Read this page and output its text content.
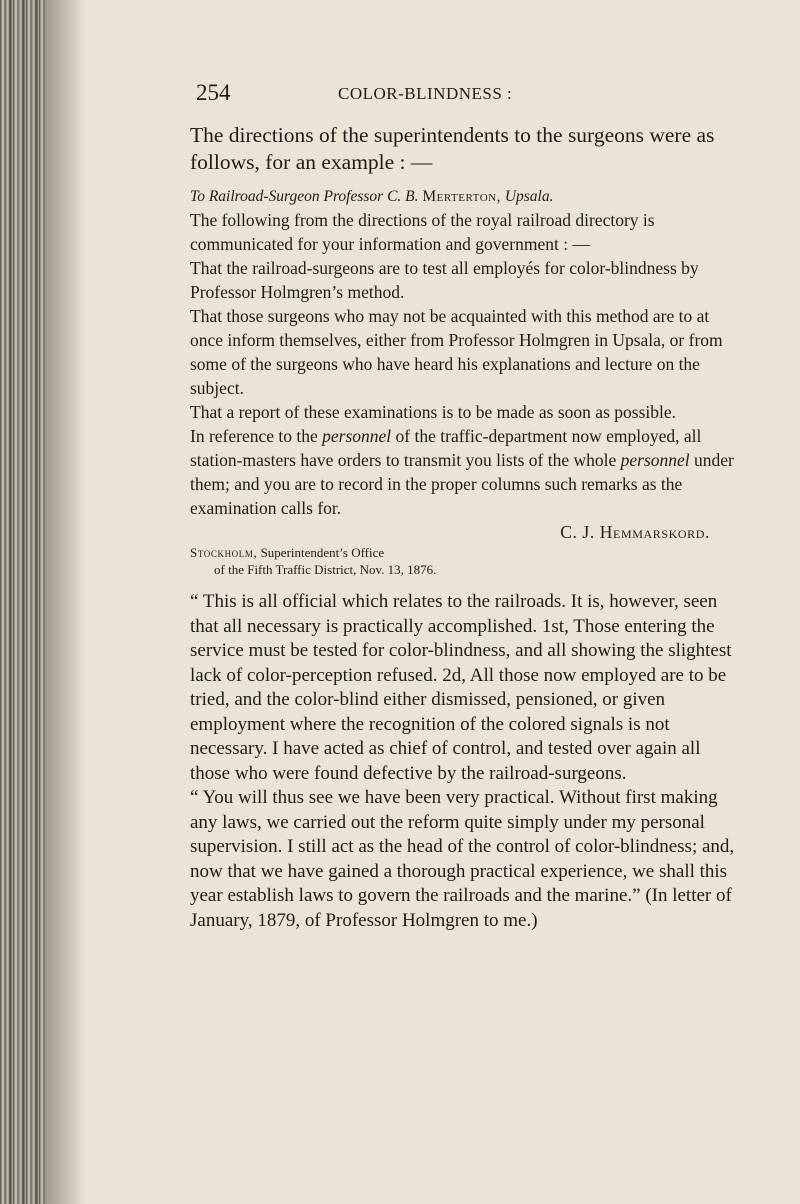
254	COLOR-BLINDNESS :

The directions of the superintendents to the surgeons were as follows, for an example : —

To Railroad-Surgeon Professor C. B. Merterton, Upsala.

The following from the directions of the royal railroad directory is communicated for your information and government : —

That the railroad-surgeons are to test all employés for color-blindness by Professor Holmgren’s method.

That those surgeons who may not be acquainted with this method are to at once inform themselves, either from Professor Holmgren in Upsala, or from some of the surgeons who have heard his explanations and lecture on the subject.

That a report of these examinations is to be made as soon as possible.

In reference to the personnel of the traffic-department now employed, all station-masters have orders to transmit you lists of the whole personnel under them; and you are to record in the proper columns such remarks as the examination calls for.

C. J. Hemmarskord.
Stockholm, Superintendent’s Office
of the Fifth Traffic District, Nov. 13, 1876.

“ This is all official which relates to the railroads. It is, however, seen that all necessary is practically accomplished. 1st, Those entering the service must be tested for color-blindness, and all showing the slightest lack of color-perception refused. 2d, All those now employed are to be tried, and the color-blind either dismissed, pensioned, or given employment where the recognition of the colored signals is not necessary. I have acted as chief of control, and tested over again all those who were found defective by the railroad-surgeons.

“ You will thus see we have been very practical. Without first making any laws, we carried out the reform quite simply under my personal supervision. I still act as the head of the control of color-blindness; and, now that we have gained a thorough practical experience, we shall this year establish laws to govern the railroads and the marine.” (In letter of January, 1879, of Professor Holmgren to me.)
